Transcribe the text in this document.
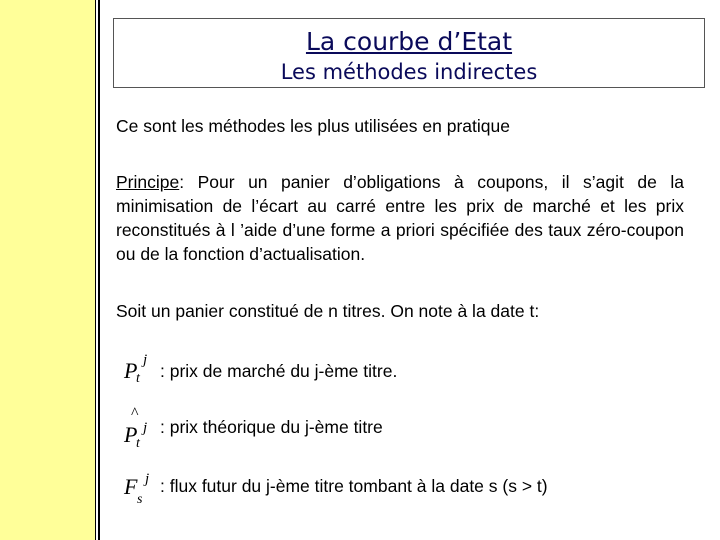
La courbe d’Etat
Les méthodes indirectes
Ce sont les méthodes les plus utilisées en pratique
Principe: Pour un panier d’obligations à coupons, il s’agit de la minimisation de l’écart au carré entre les prix de marché et les prix reconstitués à l ’aide d’une forme a priori spécifiée des taux zéro-coupon ou de la fonction d’actualisation.
Soit un panier constitué de n titres. On note à la date t:
P j
t : prix de marché du j-ème titre.
^
P j
t
: prix théorique du j-ème titre
F j
s
: flux futur du j-ème titre tombant à la date s (s > t)
